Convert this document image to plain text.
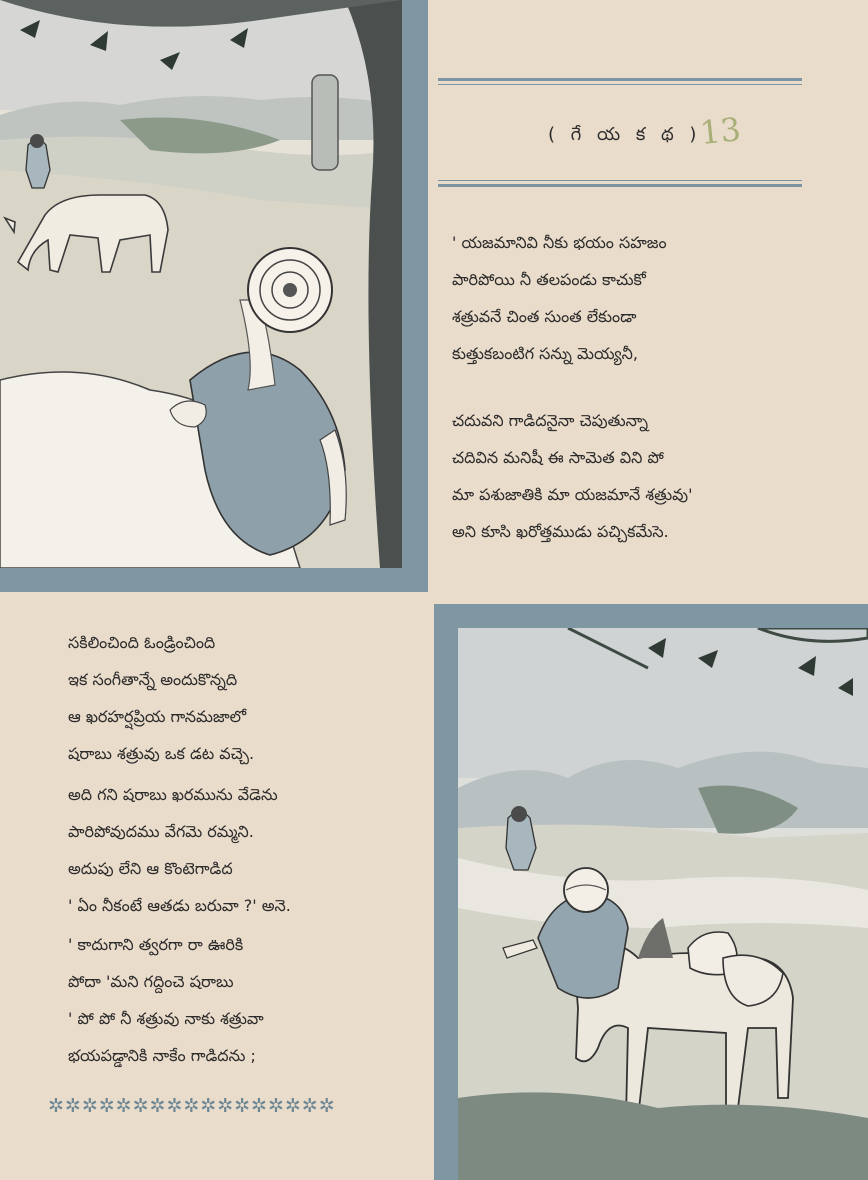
( గే య క థ )
13
' యజమానివి నీకు భయం సహజం
పారిపోయి నీ తలపండు కాచుకో
శత్రువనే చింత సుంత లేకుండా
కుత్తుకబంటిగ సన్ను మెయ్యనీ,
చదువని గాడిదనైనా చెపుతున్నా
చదివిన మనిషీ ఈ సామెత విని పో
మా పశుజాతికి మా యజమానే శత్రువు'
అని కూసి ఖరోత్తముడు పచ్చికమేసె.
సకిలించింది ఓండ్రించింది
ఇక సంగీతాన్నే అందుకొన్నది
ఆ ఖరహర్షప్రియ గానమజాలో
షరాబు శత్రువు ఒక డట వచ్చె.
అది గని షరాబు ఖరమును వేడెను
పారిపోవుదము వేగమె రమ్మని.
అదుపు లేని ఆ కొంటెగాడిద
' ఏం నీకంటే ఆతడు బరువా ?' అనె.
' కాదుగాని త్వరగా రా ఊరికి
పోదా 'మని గద్దించె షరాబు
' పో పో నీ శత్రువు నాకు శత్రువా
భయపడ్డానికి నాకేం గాడిదను ;
✲✲✲✲✲✲✲✲✲✲✲✲✲✲✲✲✲
